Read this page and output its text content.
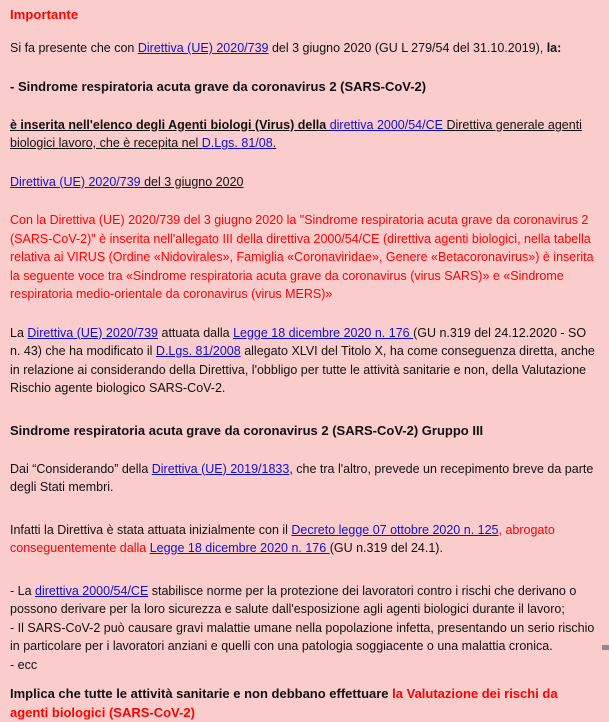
Importante

Si fa presente che con Direttiva (UE) 2020/739 del 3 giugno 2020 (GU L 279/54 del 31.10.2019), la:

- Sindrome respiratoria acuta grave da coronavirus 2 (SARS-CoV-2)

è inserita nell'elenco degli Agenti biologi (Virus) della direttiva 2000/54/CE Direttiva generale agenti biologici lavoro, che è recepita nel D.Lgs. 81/08.

Direttiva (UE) 2020/739 del 3 giugno 2020

Con la Direttiva (UE) 2020/739 del 3 giugno 2020 la "Sindrome respiratoria acuta grave da coronavirus 2 (SARS-CoV-2)" è inserita nell'allegato III della direttiva 2000/54/CE (direttiva agenti biologici, nella tabella relativa ai VIRUS (Ordine «Nidovirales», Famiglia «Coronaviridae», Genere «Betacoronavirus») è inserita la seguente voce tra «Sindrome respiratoria acuta grave da coronavirus (virus SARS)» e «Sindrome respiratoria medio-orientale da coronavirus (virus MERS)»

La Direttiva (UE) 2020/739 attuata dalla Legge 18 dicembre 2020 n. 176 (GU n.319 del 24.12.2020 - SO n. 43) che ha modificato il D.Lgs. 81/2008 allegato XLVI del Titolo X, ha come conseguenza diretta, anche in relazione ai considerando della Direttiva, l'obbligo per tutte le attività sanitarie e non, della Valutazione Rischio agente biologico SARS-CoV-2.

Sindrome respiratoria acuta grave da coronavirus 2 (SARS-CoV-2) Gruppo III

Dai “Considerando” della Direttiva (UE) 2019/1833, che tra l'altro, prevede un recepimento breve da parte degli Stati membri.

Infatti la Direttiva è stata attuata inizialmente con il Decreto legge 07 ottobre 2020 n. 125, abrogato conseguentemente dalla Legge 18 dicembre 2020 n. 176 (GU n.319 del 24.1).

- La direttiva 2000/54/CE stabilisce norme per la protezione dei lavoratori contro i rischi che derivano o possono derivare per la loro sicurezza e salute dall'esposizione agli agenti biologici durante il lavoro;
- Il SARS-CoV-2 può causare gravi malattie umane nella popolazione infetta, presentando un serio rischio in particolare per i lavoratori anziani e quelli con una patologia soggiacente o una malattia cronica.
- ecc

Implica che tutte le attività sanitarie e non debbano effettuare la Valutazione dei rischi da agenti biologici (SARS-CoV-2)
